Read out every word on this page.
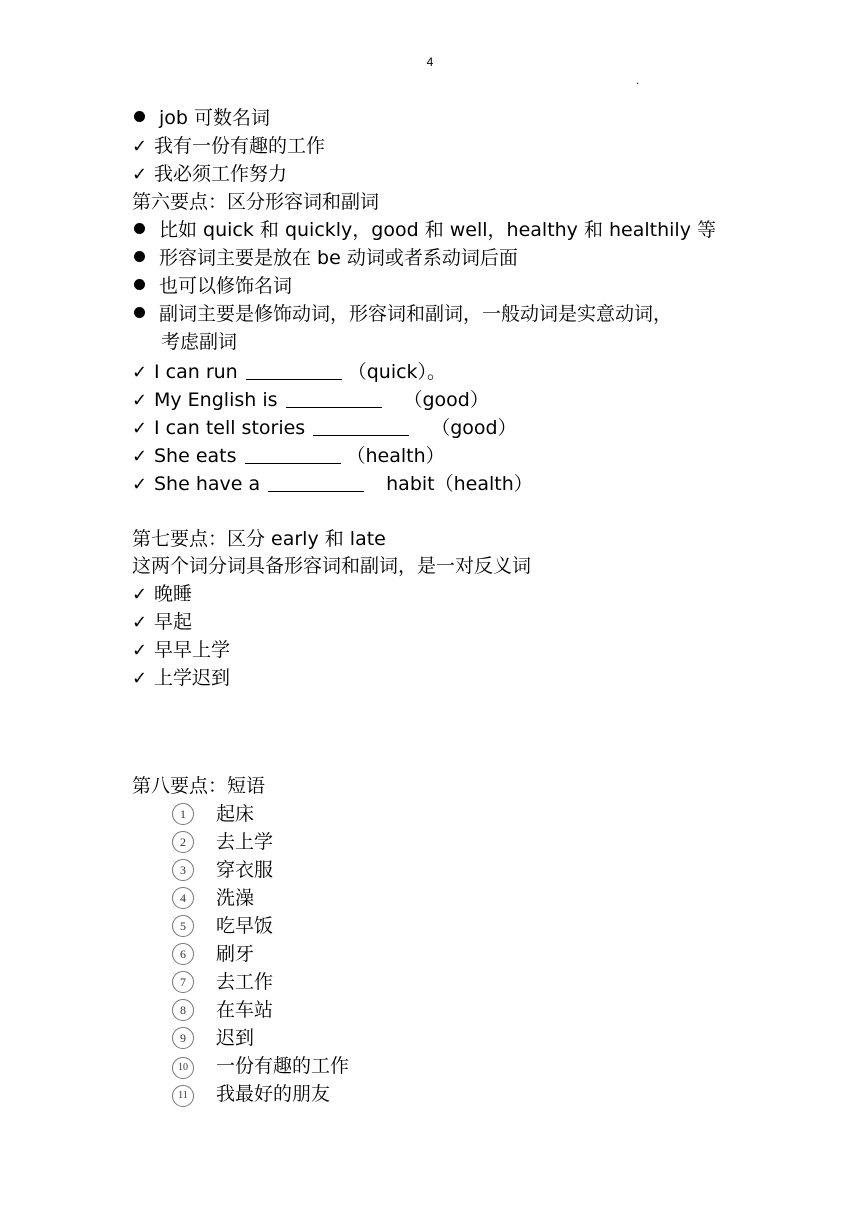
4
.
job 可数名词
✓ 我有一份有趣的工作
✓ 我必须工作努力
第六要点：区分形容词和副词
比如 quick 和 quickly，good 和 well，healthy 和 healthily 等
形容词主要是放在 be 动词或者系动词后面
也可以修饰名词
副词主要是修饰动词，形容词和副词，一般动词是实意动词，
考虑副词
✓ I can run	（quick）。
✓ My English is	（good）
✓ I can tell stories	（good）
✓ She eats	（health）
✓ She have a	habit（health）
第七要点：区分 early 和 late
这两个词分词具备形容词和副词，是一对反义词
✓ 晚睡
✓ 早起
✓ 早早上学
✓ 上学迟到
第八要点：短语
1 起床
2 去上学
3 穿衣服
4 洗澡
5 吃早饭
6 刷牙
7 去工作
8 在车站
9 迟到
10 一份有趣的工作
11 我最好的朋友
